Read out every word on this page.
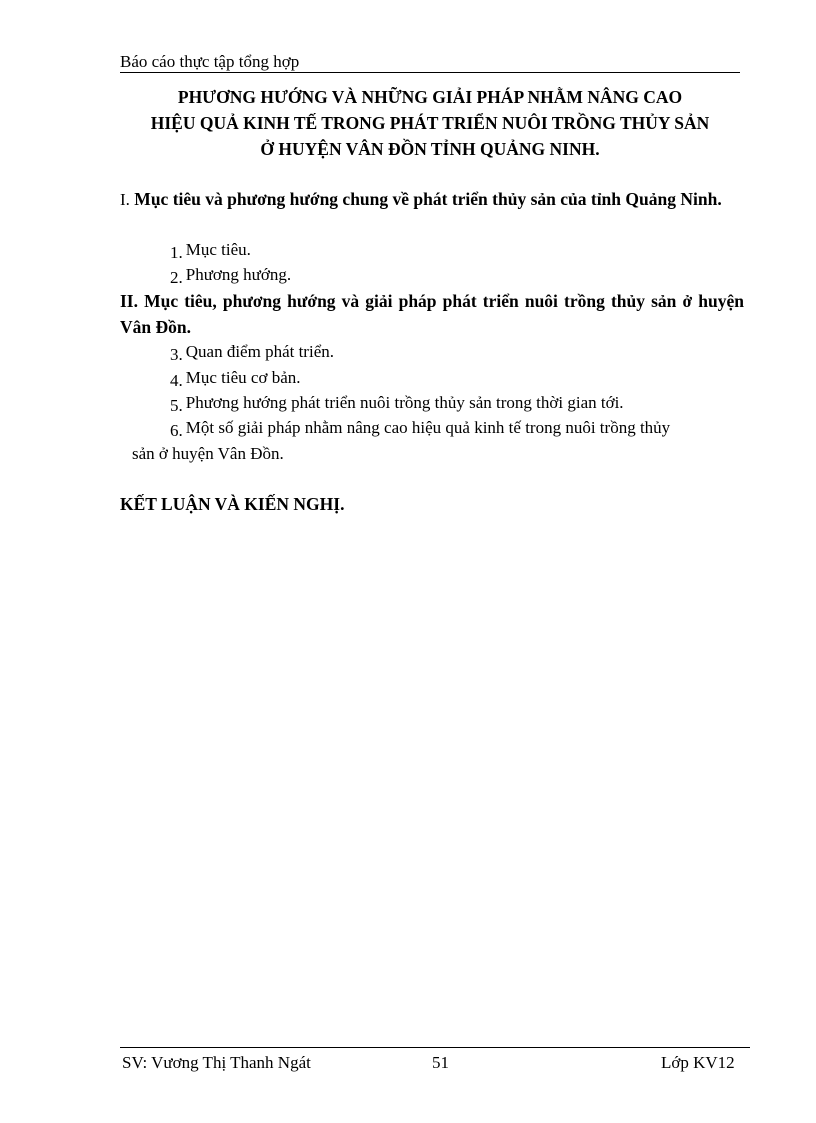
Báo cáo thực tập tổng hợp
PHƯƠNG HƯỚNG VÀ NHỮNG GIẢI PHÁP NHẰM NÂNG CAO
HIỆU QUẢ KINH TẾ TRONG PHÁT TRIỂN NUÔI TRỒNG THỦY SẢN
Ở HUYỆN VÂN ĐỒN TỈNH QUẢNG NINH.
I. Mục tiêu và phương hướng chung về phát triển thủy sản của tỉnh Quảng Ninh.
1. Mục tiêu.
2. Phương hướng.
II. Mục tiêu, phương hướng và giải pháp phát triển nuôi trồng thủy sản ở huyện Vân Đồn.
3. Quan điểm phát triển.
4. Mục tiêu cơ bản.
5. Phương hướng phát triển nuôi trồng thủy sản trong thời gian tới.
6. Một số giải pháp nhằm nâng cao hiệu quả kinh tế trong nuôi trồng thủy
sản ở huyện Vân Đồn.
KẾT LUẬN VÀ KIẾN NGHỊ.
SV: Vương Thị Thanh Ngát	51	Lớp KV12
